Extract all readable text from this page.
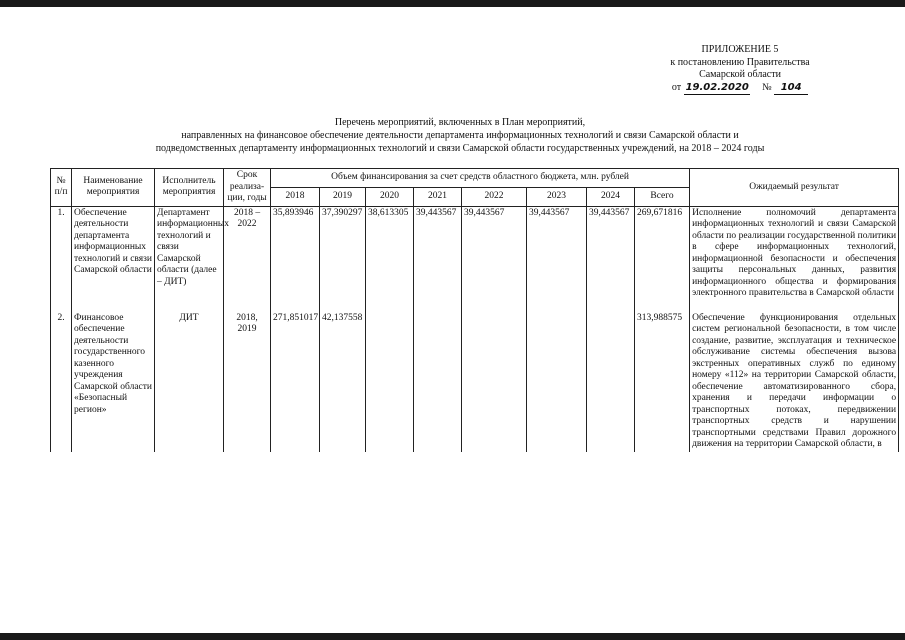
ПРИЛОЖЕНИЕ 5
к постановлению Правительства
Самарской области
от 19.02.2020 № 104
Перечень мероприятий, включенных в План мероприятий,
направленных на финансовое обеспечение деятельности департамента информационных технологий и связи Самарской области и
подведомственных департаменту информационных технологий и связи Самарской области государственных учреждений, на 2018 – 2024 годы
№ п/п	Наименование мероприятия	Исполнитель мероприятия	Срок реализа-ции, годы	Объем финансирования за счет средств областного бюджета, млн. рублей								Ожидаемый результат
				2018	2019	2020	2021	2022	2023	2024	Всего	
1.	Обеспечение деятельности департамента информационных технологий и связи Самарской области	Департамент информационных технологий и связи Самарской области (далее – ДИТ)	2018 – 2022	35,893946	37,390297	38,613305	39,443567	39,443567	39,443567	39,443567	269,671816	Исполнение полномочий департамента информационных технологий и связи Самарской области по реализации государственной политики в сфере информационных технологий, информационной безопасности и обеспечения защиты персональных данных, развития информационного общества и формирования электронного правительства в Самарской области
2.	Финансовое обеспечение деятельности государственного казенного учреждения Самарской области «Безопасный регион»	ДИТ	2018, 2019	271,851017	42,137558						313,988575	Обеспечение функционирования отдельных систем региональной безопасности, в том числе создание, развитие, эксплуатация и техническое обслуживание системы обеспечения вызова экстренных оперативных служб по единому номеру «112» на территории Самарской области, обеспечение автоматизированного сбора, хранения и передачи информации о транспортных потоках, передвижении транспортных средств и нарушении транспортными средствами Правил дорожного движения на территории Самарской области, в
